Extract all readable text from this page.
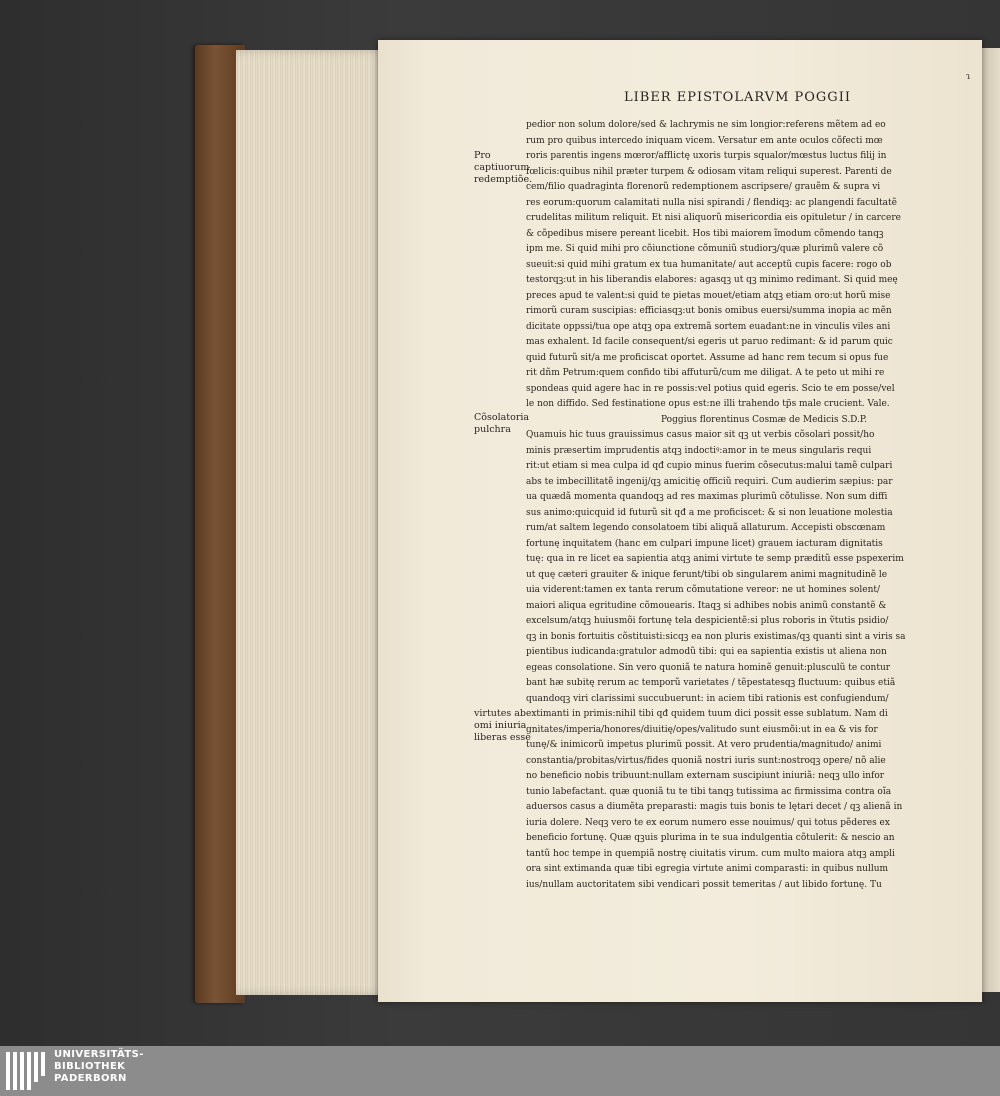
ɿ
LIBER EPISTOLARVM POGGII
Pro captiuorum redemptiõe.
Cõsolatoria pulchra
virtutes ab omi iniuria liberas esse
pedior non solum dolore/sed & lachrymis ne sim longior:referens mẽtem ad eo
rum pro quibus intercedo iniquam vicem. Versatur em ante oculos cõfecti mœ
roris parentis ingens mœror/afflictę uxoris turpis squalor/mœstus luctus filij in
fœlicis:quibus nihil præter turpem & odiosam vitam reliqui superest. Parenti de
cem/filio quadraginta florenorũ redemptionem ascripsere/ grauẽm & supra vi
res eorum:quorum calamitati nulla nisi spirandi / flendiqꝫ: ac plangendi facultatẽ
crudelitas militum reliquit. Et nisi aliquorũ misericordia eis opituletur / in carcere
& cõpedibus misere pereant licebit. Hos tibi maiorem ĩmodum cõmendo tanqꝫ
ipm me. Si quid mihi pro cõiunctione cõmuniũ studiorꝫ/quæ plurimũ valere cõ
sueuit:si quid mihi gratum ex tua humanitate/ aut acceptũ cupis facere: rogo ob
testorqꝫ:ut in his liberandis elabores: agasqꝫ ut qꝫ minimo redimant. Si quid meę
preces apud te valent:si quid te pietas mouet/etiam atqꝫ etiam oro:ut horũ mise
rimorũ curam suscipias: efficiasqꝫ:ut bonis omibus euersi/summa inopia ac mẽn
dicitate oppssi/tua ope atqꝫ opa extremã sortem euadant:ne in vinculis viles ani
mas exhalent. Id facile consequent/si egeris ut paruo redimant: & id parum quic
quid futurũ sit/a me proficiscat oportet. Assume ad hanc rem tecum si opus fue
rit dñm Petrum:quem confido tibi affuturũ/cum me diligat. A te peto ut mihi re
spondeas quid agere hac in re possis:vel potius quid egeris. Scio te em posse/vel
le non diffido. Sed festinatione opus est:ne illi trahendo tp̃s male crucient. Vale.
Poggius florentinus Cosmæ de Medicis S.D.P.
Quamuis hic tuus grauissimus casus maior sit qꝫ ut verbis cõsolari possit/ho
minis præsertim imprudentis atqꝫ indoctiꝰ:amor in te meus singularis requi
rit:ut etiam si mea culpa id qđ cupio minus fuerim cõsecutus:malui tamẽ culpari
abs te imbecillitatẽ ingenij/qꝫ amicitię officiũ requiri. Cum audierim sæpius: par
ua quædã momenta quandoqꝫ ad res maximas plurimũ cõtulisse. Non sum diffi
sus animo:quicquid id futurũ sit qđ a me proficiscet: & si non leuatione molestia
rum/at saltem legendo consolatoem tibi aliquã allaturum. Accepisti obscœnam
fortunę inquitatem (hanc em culpari impune licet) grauem iacturam dignitatis
tuę: qua in re licet ea sapientia atqꝫ animi virtute te semp præditũ esse pspexerim
ut quę cæteri grauiter & inique ferunt/tibi ob singularem animi magnitudinẽ le
uia viderent:tamen ex tanta rerum cõmutatione vereor: ne ut homines solent/
maiori aliqua egritudine cõmouearis. Itaqꝫ si adhibes nobis animũ constantẽ &
excelsum/atqꝫ huiusmõi fortunę tela despicientẽ:si plus roboris in ṽtutis psidio/
qꝫ in bonis fortuitis cõstituisti:sicqꝫ ea non pluris existimas/qꝫ quanti sint a viris sa
pientibus iudicanda:gratulor admodũ tibi: qui ea sapientia existis ut aliena non
egeas consolatione. Sin vero quoniã te natura hominẽ genuit:plusculũ te contur
bant hæ subitę rerum ac temporũ varietates / tẽpestatesqꝫ fluctuum: quibus etiã
quandoqꝫ viri clarissimi succubuerunt: in aciem tibi rationis est confugiendum/
extimanti in primis:nihil tibi qđ quidem tuum dici possit esse sublatum. Nam di
gnitates/imperia/honores/diuitię/opes/valitudo sunt eiusmõi:ut in ea & vis for
tunę/& inimicorũ impetus plurimũ possit. At vero prudentia/magnitudo/ animi
constantia/probitas/virtus/fides quoniã nostri iuris sunt:nostroqꝫ opere/ nõ alie
no beneficio nobis tribuunt:nullam externam suscipiunt iniuriã: neqꝫ ullo infor
tunio labefactant. quæ quoniã tu te tibi tanqꝫ tutissima ac firmissima contra oĩa
aduersos casus a diumẽta preparasti: magis tuis bonis te lętari decet / qꝫ alienã in
iuria dolere. Neqꝫ vero te ex eorum numero esse nouimus/ qui totus pẽderes ex
beneficio fortunę. Quæ qꝫuis plurima in te sua indulgentia cõtulerit: & nescio an
tantũ hoc tempe in quempiã nostrę ciuitatis virum. cum multo maiora atqꝫ ampli
ora sint extimanda quæ tibi egregia virtute animi comparasti: in quibus nullum
ius/nullam auctoritatem sibi vendicari possit temeritas / aut libido fortunę. Tu
UNIVERSITÄTS-
BIBLIOTHEK
PADERBORN
